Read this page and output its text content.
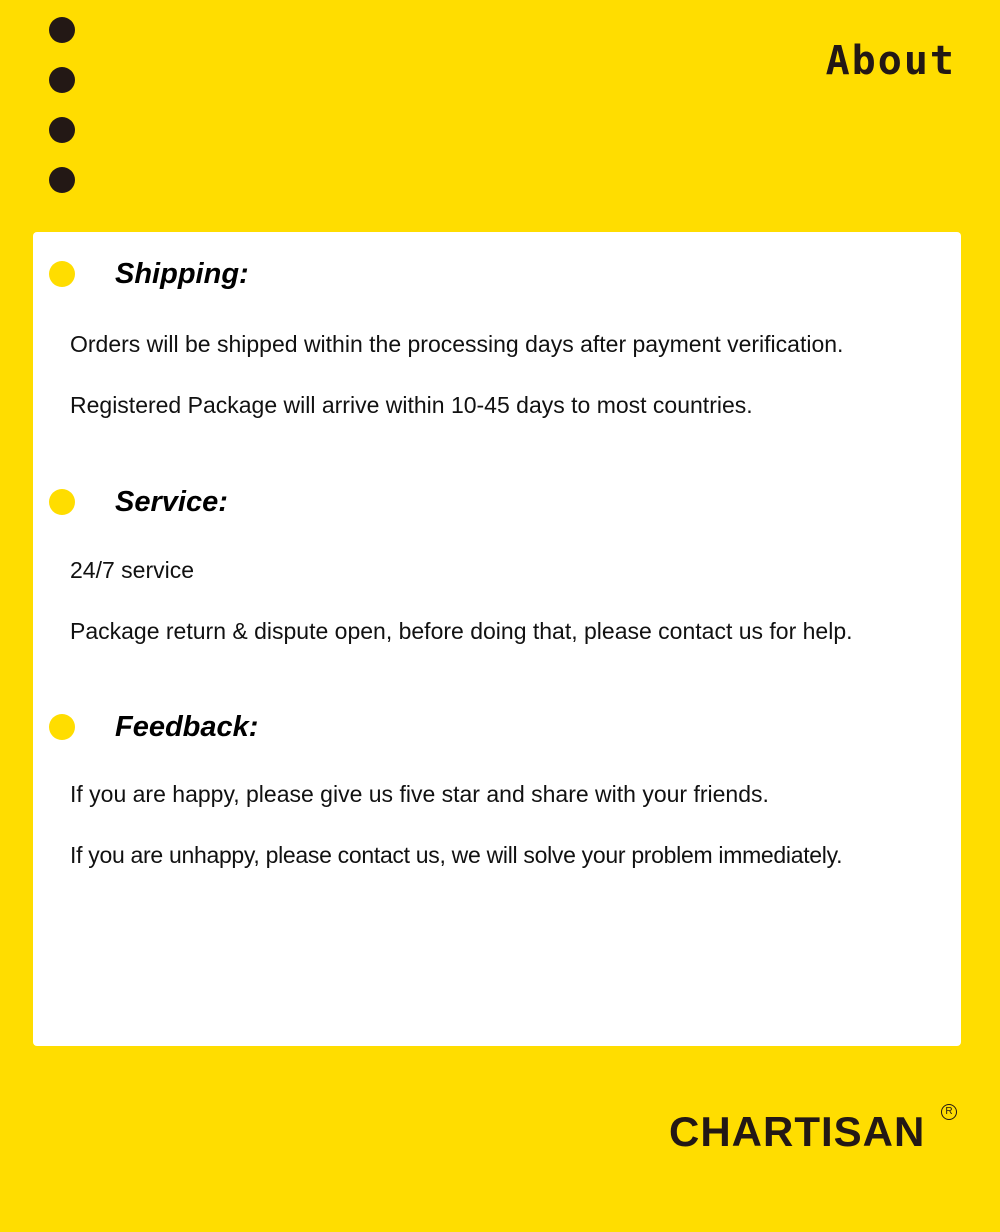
About
Shipping:
Orders will be shipped within the processing days after payment verification.
Registered Package will arrive within 10-45 days to most countries.
Service:
24/7 service
Package return & dispute open, before doing that, please contact us for help.
Feedback:
If you are happy, please give us five star and share with your friends.
If you are unhappy, please contact us, we will solve your problem immediately.
CHARTISAN	R
